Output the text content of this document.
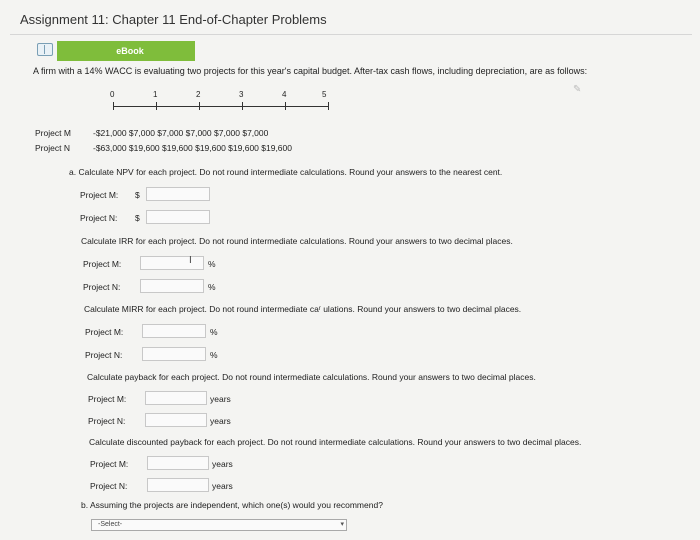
Assignment 11: Chapter 11 End-of-Chapter Problems
eBook
A firm with a 14% WACC is evaluating two projects for this year's capital budget. After-tax cash flows, including depreciation, are as follows:
✎
0	1	2	3	4	5
Project M	-$21,000 $7,000 $7,000 $7,000 $7,000 $7,000
Project N	-$63,000 $19,600 $19,600 $19,600 $19,600 $19,600
a. Calculate NPV for each project. Do not round intermediate calculations. Round your answers to the nearest cent.
Project M: $
Project N: $
Calculate IRR for each project. Do not round intermediate calculations. Round your answers to two decimal places.
Project M:	I %
Project N:	%
Calculate MIRR for each project. Do not round intermediate caʳ ulations. Round your answers to two decimal places.
Project M:	%
Project N:	%
Calculate payback for each project. Do not round intermediate calculations. Round your answers to two decimal places.
Project M:	years
Project N:	years
Calculate discounted payback for each project. Do not round intermediate calculations. Round your answers to two decimal places.
Project M:	years
Project N:	years
b. Assuming the projects are independent, which one(s) would you recommend?
-Select-	▾
